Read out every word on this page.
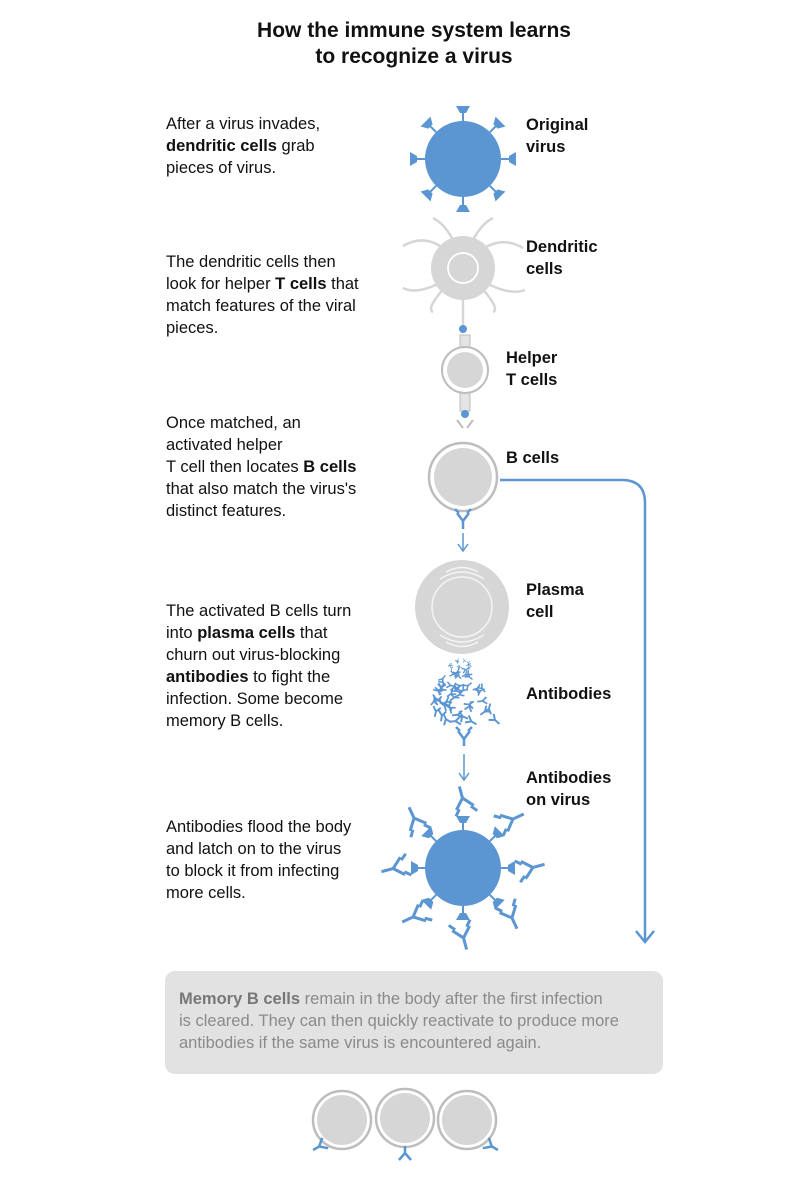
How the immune system learns
to recognize a virus
After a virus invades,
dendritic cells grab
pieces of virus.
The dendritic cells then
look for helper T cells that
match features of the viral
pieces.
Once matched, an
activated helper
T cell then locates B cells
that also match the virus's
distinct features.
The activated B cells turn
into plasma cells that
churn out virus-blocking
antibodies to fight the
infection. Some become
memory B cells.
Antibodies flood the body
and latch on to the virus
to block it from infecting
more cells.
Original
virus
Dendritic
cells
Helper
T cells
B cells
Plasma
cell
Antibodies
Antibodies
on virus
Memory B cells remain in the body after the first infection
is cleared. They can then quickly reactivate to produce more
antibodies if the same virus is encountered again.
